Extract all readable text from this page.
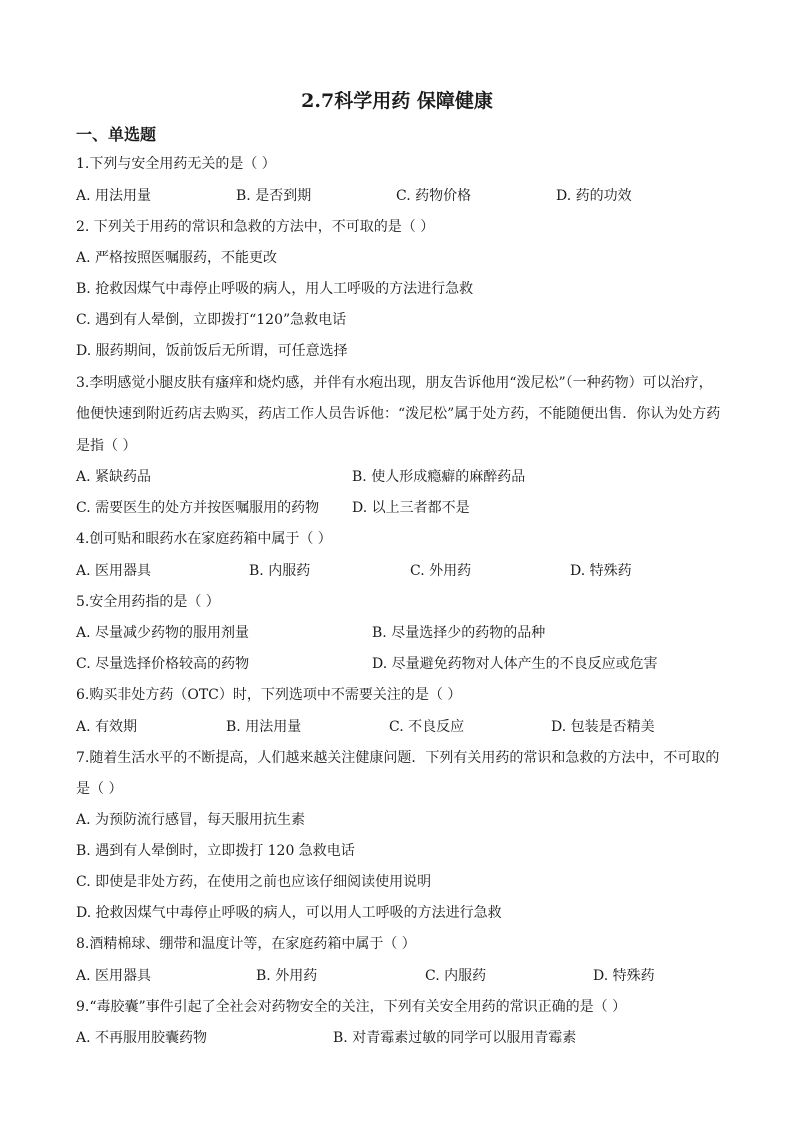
2.7科学用药 保障健康
一、单选题
1.下列与安全用药无关的是（ ）
A. 用法用量	B. 是否到期	C. 药物价格	D. 药的功效
2. 下列关于用药的常识和急救的方法中，不可取的是（ ）
A. 严格按照医嘱服药，不能更改
B. 抢救因煤气中毒停止呼吸的病人，用人工呼吸的方法进行急救
C. 遇到有人晕倒，立即拨打“120”急救电话
D. 服药期间，饭前饭后无所谓，可任意选择
3.李明感觉小腿皮肤有瘙痒和烧灼感，并伴有水疱出现，朋友告诉他用“泼尼松”（一种药物）可以治疗，
他便快速到附近药店去购买，药店工作人员告诉他：“泼尼松”属于处方药，不能随便出售．你认为处方药
是指（ ）
A. 紧缺药品	B. 使人形成瘾癖的麻醉药品
C. 需要医生的处方并按医嘱服用的药物 D. 以上三者都不是
4.创可贴和眼药水在家庭药箱中属于（ ）
A. 医用器具	B. 内服药	C. 外用药	D. 特殊药
5.安全用药指的是（ ）
A. 尽量减少药物的服用剂量	B. 尽量选择少的药物的品种
C. 尽量选择价格较高的药物	D. 尽量避免药物对人体产生的不良反应或危害
6.购买非处方药（OTC）时，下列选项中不需要关注的是（ ）
A. 有效期	B. 用法用量	C. 不良反应	D. 包装是否精美
7.随着生活水平的不断提高，人们越来越关注健康问题．下列有关用药的常识和急救的方法中，不可取的
是（ ）
A. 为预防流行感冒，每天服用抗生素
B. 遇到有人晕倒时，立即拨打 120 急救电话
C. 即使是非处方药，在使用之前也应该仔细阅读使用说明
D. 抢救因煤气中毒停止呼吸的病人，可以用人工呼吸的方法进行急救
8.酒精棉球、绷带和温度计等，在家庭药箱中属于（ ）
A. 医用器具	B. 外用药	C. 内服药	D. 特殊药
9.“毒胶囊”事件引起了全社会对药物安全的关注，下列有关安全用药的常识正确的是（ ）
A. 不再服用胶囊药物	B. 对青霉素过敏的同学可以服用青霉素
